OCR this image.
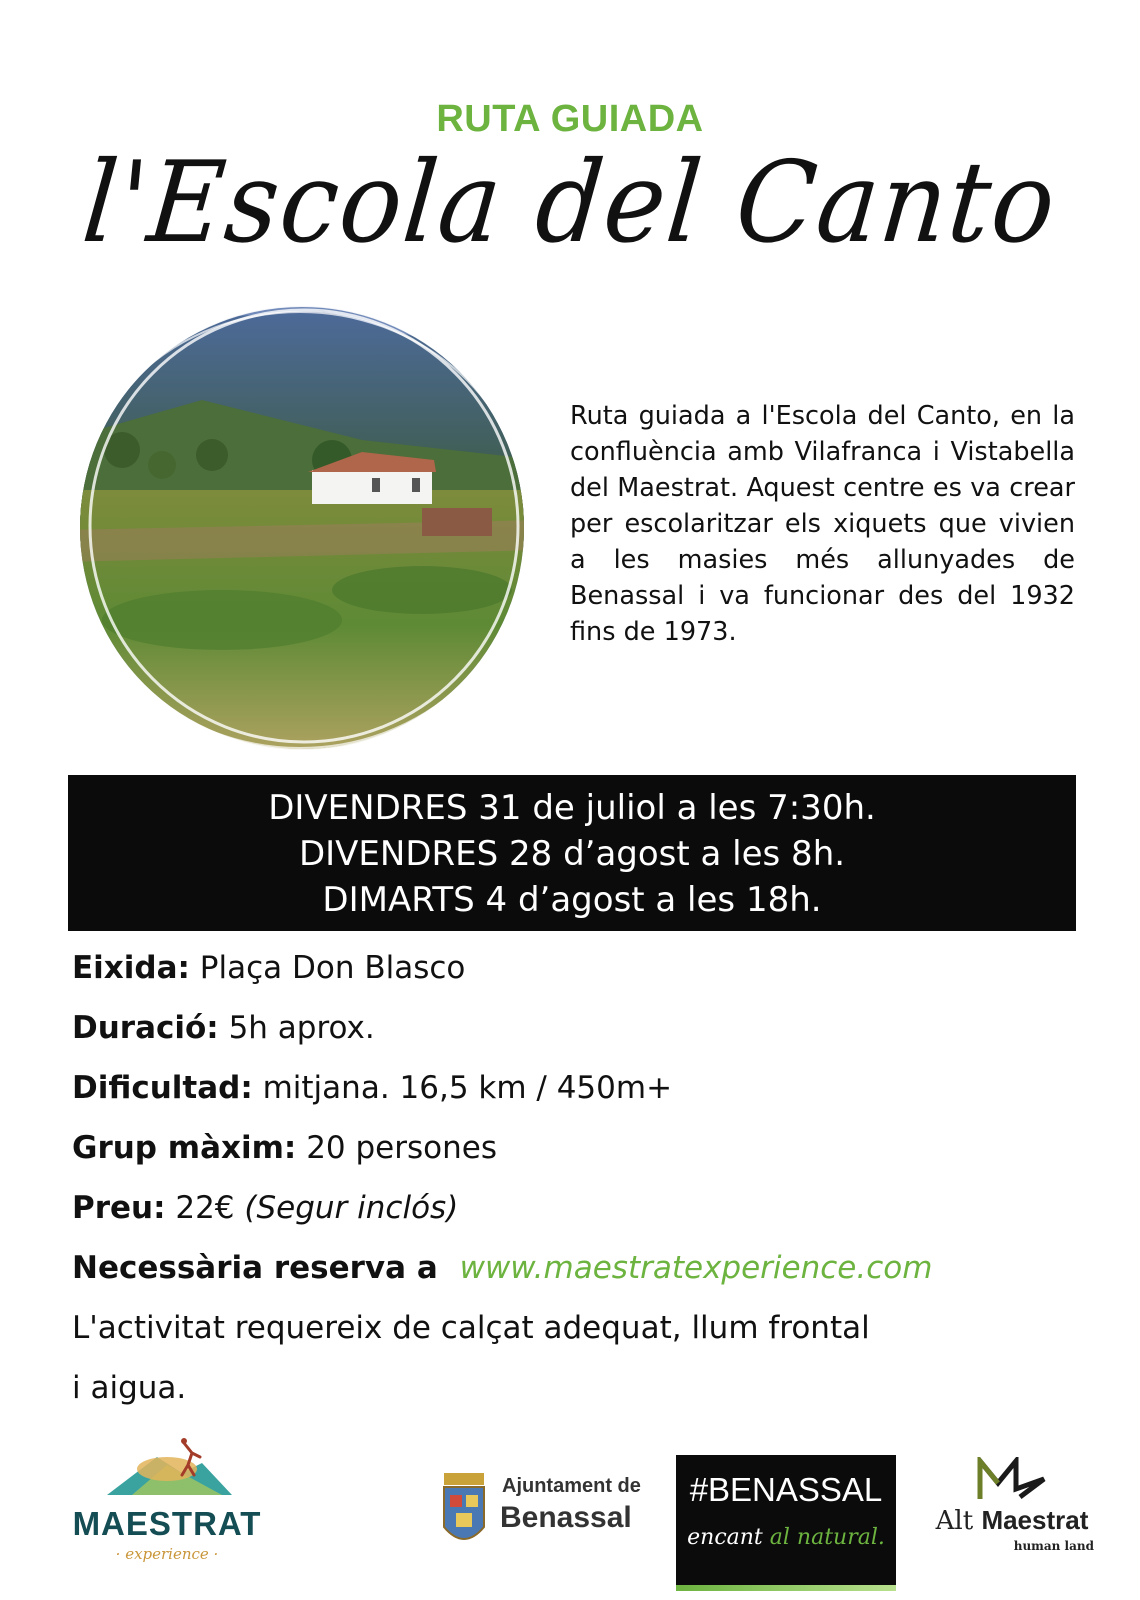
RUTA GUIADA
l'Escola del Canto

Ruta guiada a l'Escola del Canto, en la confluència amb Vilafranca i Vistabella del Maestrat. Aquest centre es va crear per escolaritzar els xiquets que vivien a les masies més allunyades de Benassal i va funcionar des del 1932 fins de 1973.

DIVENDRES 31 de juliol a les 7:30h.
DIVENDRES 28 d’agost a les 8h.
DIMARTS 4 d’agost a les 18h.
Eixida: Plaça Don Blasco
Duració: 5h aprox.
Dificultad: mitjana. 16,5 km / 450m+
Grup màxim: 20 persones
Preu: 22€ (Segur inclós)
Necessària reserva a www.maestratexperience.com
L'activitat requereix de calçat adequat, llum frontal
i aigua.
MAESTRAT
· experience ·
Ajuntament de
Benassal
#BENASSAL
encant al natural.
Alt Maestrat
human land
